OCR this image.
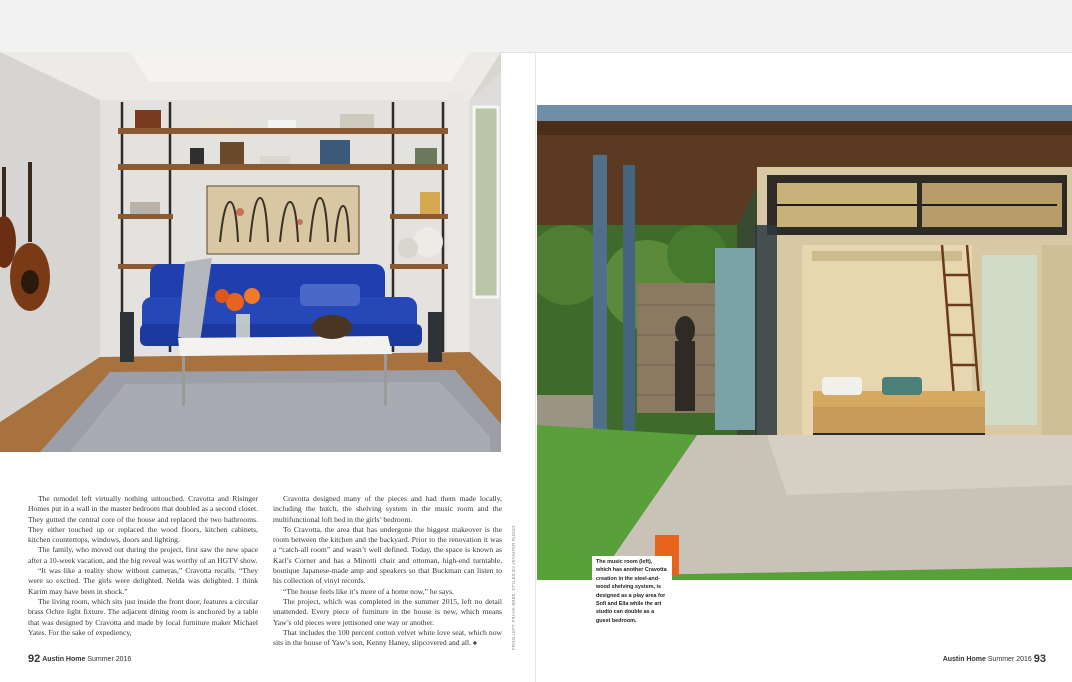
The remodel left virtually nothing untouched. Cravotta and Risinger Homes put in a wall in the master bedroom that doubled as a second closet. They gutted the central core of the house and replaced the two bathrooms. They either touched up or replaced the wood floors, kitchen cabinets, kitchen countertops, windows, doors and lighting.

The family, who moved out during the project, first saw the new space after a 10-week vacation, and the big reveal was worthy of an HGTV show.

“It was like a reality show without cameras,” Cravotta recalls. “They were so excited. The girls were delighted. Nelda was delighted. I think Karim may have been in shock.”

The living room, which sits just inside the front door, features a circular brass Ochre light fixture. The adjacent dining room is anchored by a table that was designed by Cravotta and made by local furniture maker Michael Yates. For the sake of expediency,

Cravotta designed many of the pieces and had them made locally, including the hutch, the shelving system in the music room and the multifunctional loft bed in the girls’ bedroom.

To Cravotta, the area that has undergone the biggest makeover is the room between the kitchen and the backyard. Prior to the renovation it was a “catch-all room” and wasn’t well defined. Today, the space is known as Karl’s Corner and has a Minotti chair and ottoman, high-end turntable, boutique Japanese-made amp and speakers so that Buckman can listen to his collection of vinyl records.

“The house feels like it’s more of a home now,” he says.

The project, which was completed in the summer 2015, left no detail unattended. Every piece of furniture in the house is new, which means Yaw’s old pieces were jettisoned one way or another.

That includes the 100 percent cotton velvet white love seat, which now sits in the house of Yaw’s son, Kenny Haney, slipcovered and all. ♠	FROM LEFT: FRANK BREE; STYLED BY JENNIFER RUSSO	The music room (left), which has another Cravotta creation in the steel-and-wood shelving system, is designed as a play area for Sofi and Ella while the art studio can double as a guest bedroom.
92 Austin Home Summer 2016	Austin Home Summer 2016 93
